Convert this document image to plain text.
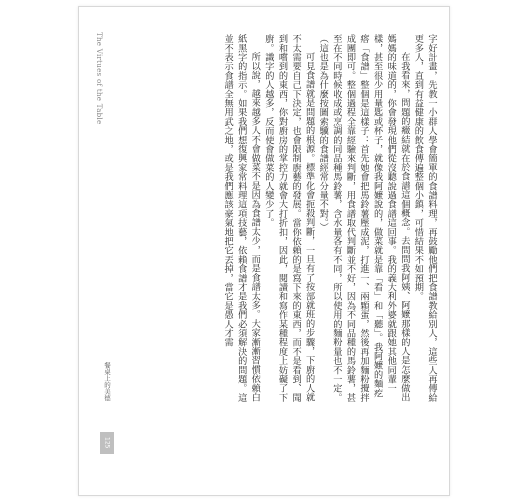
The Virtues of the Table	字好計畫，先教一小群人學會簡單的食譜料理，再鼓勵他們把食譜教給別人，這些人再傳給更多人，直到有益健康的飲食傳遍整個小鎮，可惜結果不如預期。
在我看來，問題的癥結就在於食譜這個概念。去問問我阿姨、阿嬤那樣的人是怎麼做出媽媽的味道的，你會發現他們從沒聽說過食譜這回事。我的義大利外婆就跟她其他同輩一樣，甚至很少用量匙或杯子，就像我阿嬤說的，做菜就是靠「看」和「聽」。我阿嬤的麵疙瘩「食譜」整個是這樣子：首先她會把馬鈴薯壓成泥，打進一、兩顆蛋，然後再加麵粉攪拌成團即可。整個過程全靠經驗來判斷，用食譜取代判斷並不好，因為不同品種的馬鈴薯，甚至在不同時候收成或烹調的同品種馬鈴薯，含水量各有不同，所以使用的麵粉量也不一定。（這也是為什麼按圖索驥的食譜經常分量不對。）
可見食譜就是問題的根源。標準化會扼殺判斷，一旦有了按部就班的步驟，下廚的人就不太需要自己下決定，也會限制廚藝的發展。當你依賴的是寫下來的東西，而不是看到、聞到和嚐到的東西，你對廚房的掌控力就會大打折扣，因此，閱讀和寫作某種程度上妨礙了下廚。識字的人越多，反而使會做菜的人變少了。
所以說，越來越多人不會做菜不是因為食譜太少，而是食譜太多。大家漸漸習慣依賴白紙黑字的指示。如果我們想復興家常料理這項技藝，依賴食譜才是我們必須解決的問題。這並不表示食譜全無用武之地，或是我們應該豪氣地把它丟掉，當它是愚人才需
餐桌上的美德
125
